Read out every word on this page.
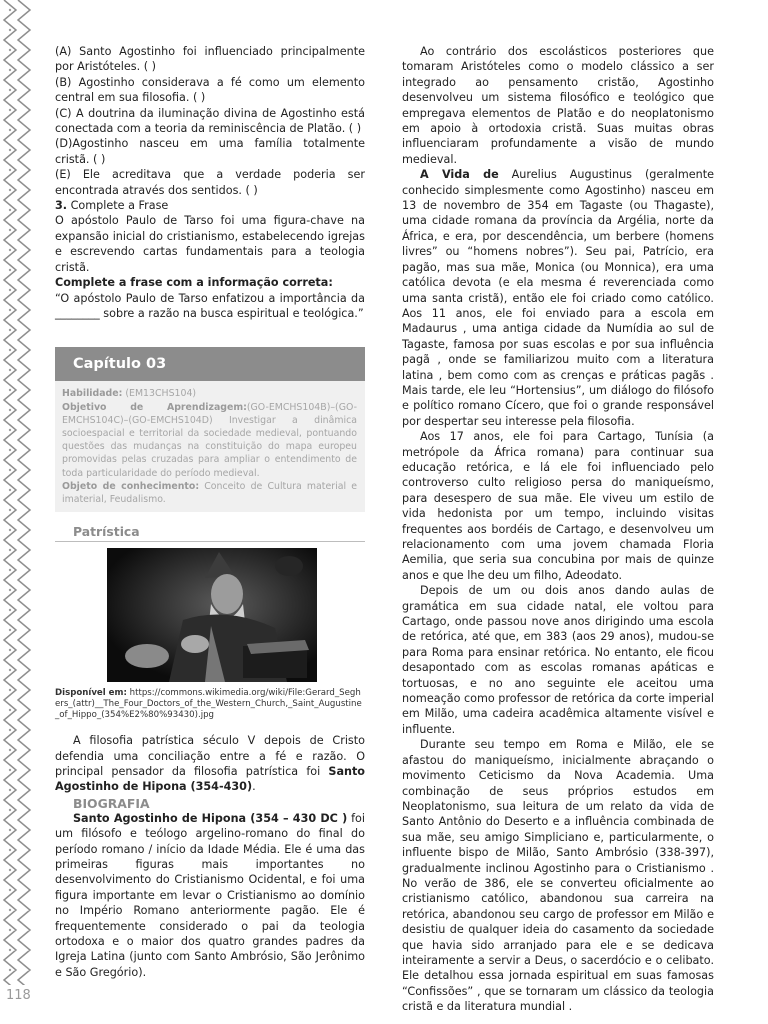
118

(A) Santo Agostinho foi influenciado principalmente por Aristóteles. ( )

(B) Agostinho considerava a fé como um elemento central em sua filosofia. ( )

(C) A doutrina da iluminação divina de Agostinho está conectada com a teoria da reminiscência de Platão. ( )

(D)Agostinho nasceu em uma família totalmente cristã. ( )

(E) Ele acreditava que a verdade poderia ser encontrada através dos sentidos. ( )

3. Complete a Frase

O apóstolo Paulo de Tarso foi uma figura-chave na expansão inicial do cristianismo, estabelecendo igrejas e escrevendo cartas fundamentais para a teologia cristã.

Complete a frase com a informação correta:

“O apóstolo Paulo de Tarso enfatizou a importância da ________ sobre a razão na busca espiritual e teológica.”

Capítulo 03
Habilidade: (EM13CHS104)
Objetivo de Aprendizagem:(GO-EMCHS104B)–(GO-EMCHS104C)–(GO-EMCHS104D) Investigar a dinâmica socioespacial e territorial da sociedade medieval, pontuando questões das mudanças na constituição do mapa europeu promovidas pelas cruzadas para ampliar o entendimento de toda particularidade do período medieval.
Objeto de conhecimento: Conceito de Cultura material e imaterial, Feudalismo.
Patrística

Disponível em: https://commons.wikimedia.org/wiki/File:Gerard_Seghers_(attr)__The_Four_Doctors_of_the_Western_Church,_Saint_Augustine_of_Hippo_(354%E2%80%93430).jpg

A filosofia patrística século V depois de Cristo defendia uma conciliação entre a fé e razão. O principal pensador da filosofia patrística foi Santo Agostinho de Hipona (354-430).

BIOGRAFIA

Santo Agostinho de Hipona (354 – 430 DC ) foi um filósofo e teólogo argelino-romano do final do período romano / início da Idade Média. Ele é uma das primeiras figuras mais importantes no desenvolvimento do Cristianismo Ocidental, e foi uma figura importante em levar o Cristianismo ao domínio no Império Romano anteriormente pagão. Ele é frequentemente considerado o pai da teologia ortodoxa e o maior dos quatro grandes padres da Igreja Latina (junto com Santo Ambrósio, São Jerônimo e São Gregório).

Ao contrário dos escolásticos posteriores que tomaram Aristóteles como o modelo clássico a ser integrado ao pensamento cristão, Agostinho desenvolveu um sistema filosófico e teológico que empregava elementos de Platão e do neoplatonismo em apoio à ortodoxia cristã. Suas muitas obras influenciaram profundamente a visão de mundo medieval.

A Vida de Aurelius Augustinus (geralmente conhecido simplesmente como Agostinho) nasceu em 13 de novembro de 354 em Tagaste (ou Thagaste), uma cidade romana da província da Argélia, norte da África, e era, por descendência, um berbere (homens livres” ou “homens nobres”). Seu pai, Patrício, era pagão, mas sua mãe, Monica (ou Monnica), era uma católica devota (e ela mesma é reverenciada como uma santa cristã), então ele foi criado como católico. Aos 11 anos, ele foi enviado para a escola em Madaurus , uma antiga cidade da Numídia ao sul de Tagaste, famosa por suas escolas e por sua influência pagã , onde se familiarizou muito com a literatura latina , bem como com as crenças e práticas pagãs . Mais tarde, ele leu “Hortensius”, um diálogo do filósofo e político romano Cícero, que foi o grande responsável por despertar seu interesse pela filosofia.

Aos 17 anos, ele foi para Cartago, Tunísia (a metrópole da África romana) para continuar sua educação retórica, e lá ele foi influenciado pelo controverso culto religioso persa do maniqueísmo, para desespero de sua mãe. Ele viveu um estilo de vida hedonista por um tempo, incluindo visitas frequentes aos bordéis de Cartago, e desenvolveu um relacionamento com uma jovem chamada Floria Aemilia, que seria sua concubina por mais de quinze anos e que lhe deu um filho, Adeodato.

Depois de um ou dois anos dando aulas de gramática em sua cidade natal, ele voltou para Cartago, onde passou nove anos dirigindo uma escola de retórica, até que, em 383 (aos 29 anos), mudou-se para Roma para ensinar retórica. No entanto, ele ficou desapontado com as escolas romanas apáticas e tortuosas, e no ano seguinte ele aceitou uma nomeação como professor de retórica da corte imperial em Milão, uma cadeira acadêmica altamente visível e influente.

Durante seu tempo em Roma e Milão, ele se afastou do maniqueísmo, inicialmente abraçando o movimento Ceticismo da Nova Academia. Uma combinação de seus próprios estudos em Neoplatonismo, sua leitura de um relato da vida de Santo Antônio do Deserto e a influência combinada de sua mãe, seu amigo Simpliciano e, particularmente, o influente bispo de Milão, Santo Ambrósio (338-397), gradualmente inclinou Agostinho para o Cristianismo . No verão de 386, ele se converteu oficialmente ao cristianismo católico, abandonou sua carreira na retórica, abandonou seu cargo de professor em Milão e desistiu de qualquer ideia do casamento da sociedade que havia sido arranjado para ele e se dedicava inteiramente a servir a Deus, o sacerdócio e o celibato. Ele detalhou essa jornada espiritual em suas famosas “Confissões” , que se tornaram um clássico da teologia cristã e da literatura mundial .
